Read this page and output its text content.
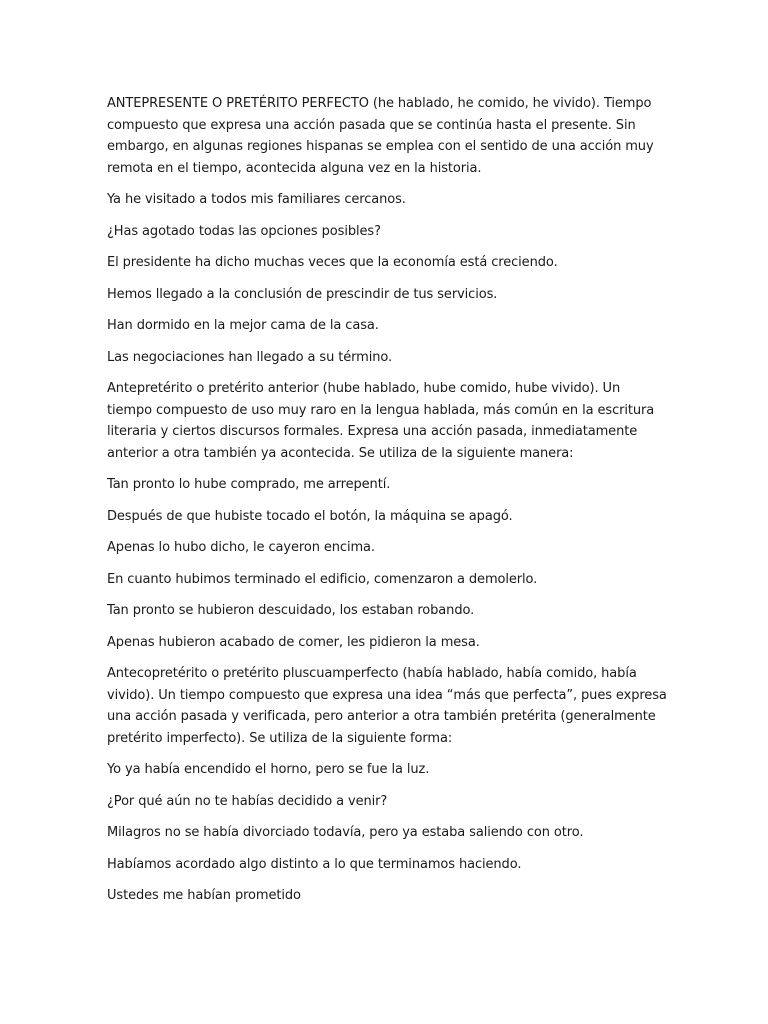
ANTEPRESENTE O PRETÉRITO PERFECTO (he hablado, he comido, he vivido). Tiempo compuesto que expresa una acción pasada que se continúa hasta el presente. Sin embargo, en algunas regiones hispanas se emplea con el sentido de una acción muy remota en el tiempo, acontecida alguna vez en la historia.

Ya he visitado a todos mis familiares cercanos.

¿Has agotado todas las opciones posibles?

El presidente ha dicho muchas veces que la economía está creciendo.

Hemos llegado a la conclusión de prescindir de tus servicios.

Han dormido en la mejor cama de la casa.

Las negociaciones han llegado a su término.

Antepretérito o pretérito anterior (hube hablado, hube comido, hube vivido). Un tiempo compuesto de uso muy raro en la lengua hablada, más común en la escritura literaria y ciertos discursos formales. Expresa una acción pasada, inmediatamente anterior a otra también ya acontecida. Se utiliza de la siguiente manera:

Tan pronto lo hube comprado, me arrepentí.

Después de que hubiste tocado el botón, la máquina se apagó.

Apenas lo hubo dicho, le cayeron encima.

En cuanto hubimos terminado el edificio, comenzaron a demolerlo.

Tan pronto se hubieron descuidado, los estaban robando.

Apenas hubieron acabado de comer, les pidieron la mesa.

Antecopretérito o pretérito pluscuamperfecto (había hablado, había comido, había vivido). Un tiempo compuesto que expresa una idea “más que perfecta”, pues expresa una acción pasada y verificada, pero anterior a otra también pretérita (generalmente pretérito imperfecto). Se utiliza de la siguiente forma:

Yo ya había encendido el horno, pero se fue la luz.

¿Por qué aún no te habías decidido a venir?

Milagros no se había divorciado todavía, pero ya estaba saliendo con otro.

Habíamos acordado algo distinto a lo que terminamos haciendo.

Ustedes me habían prometido
